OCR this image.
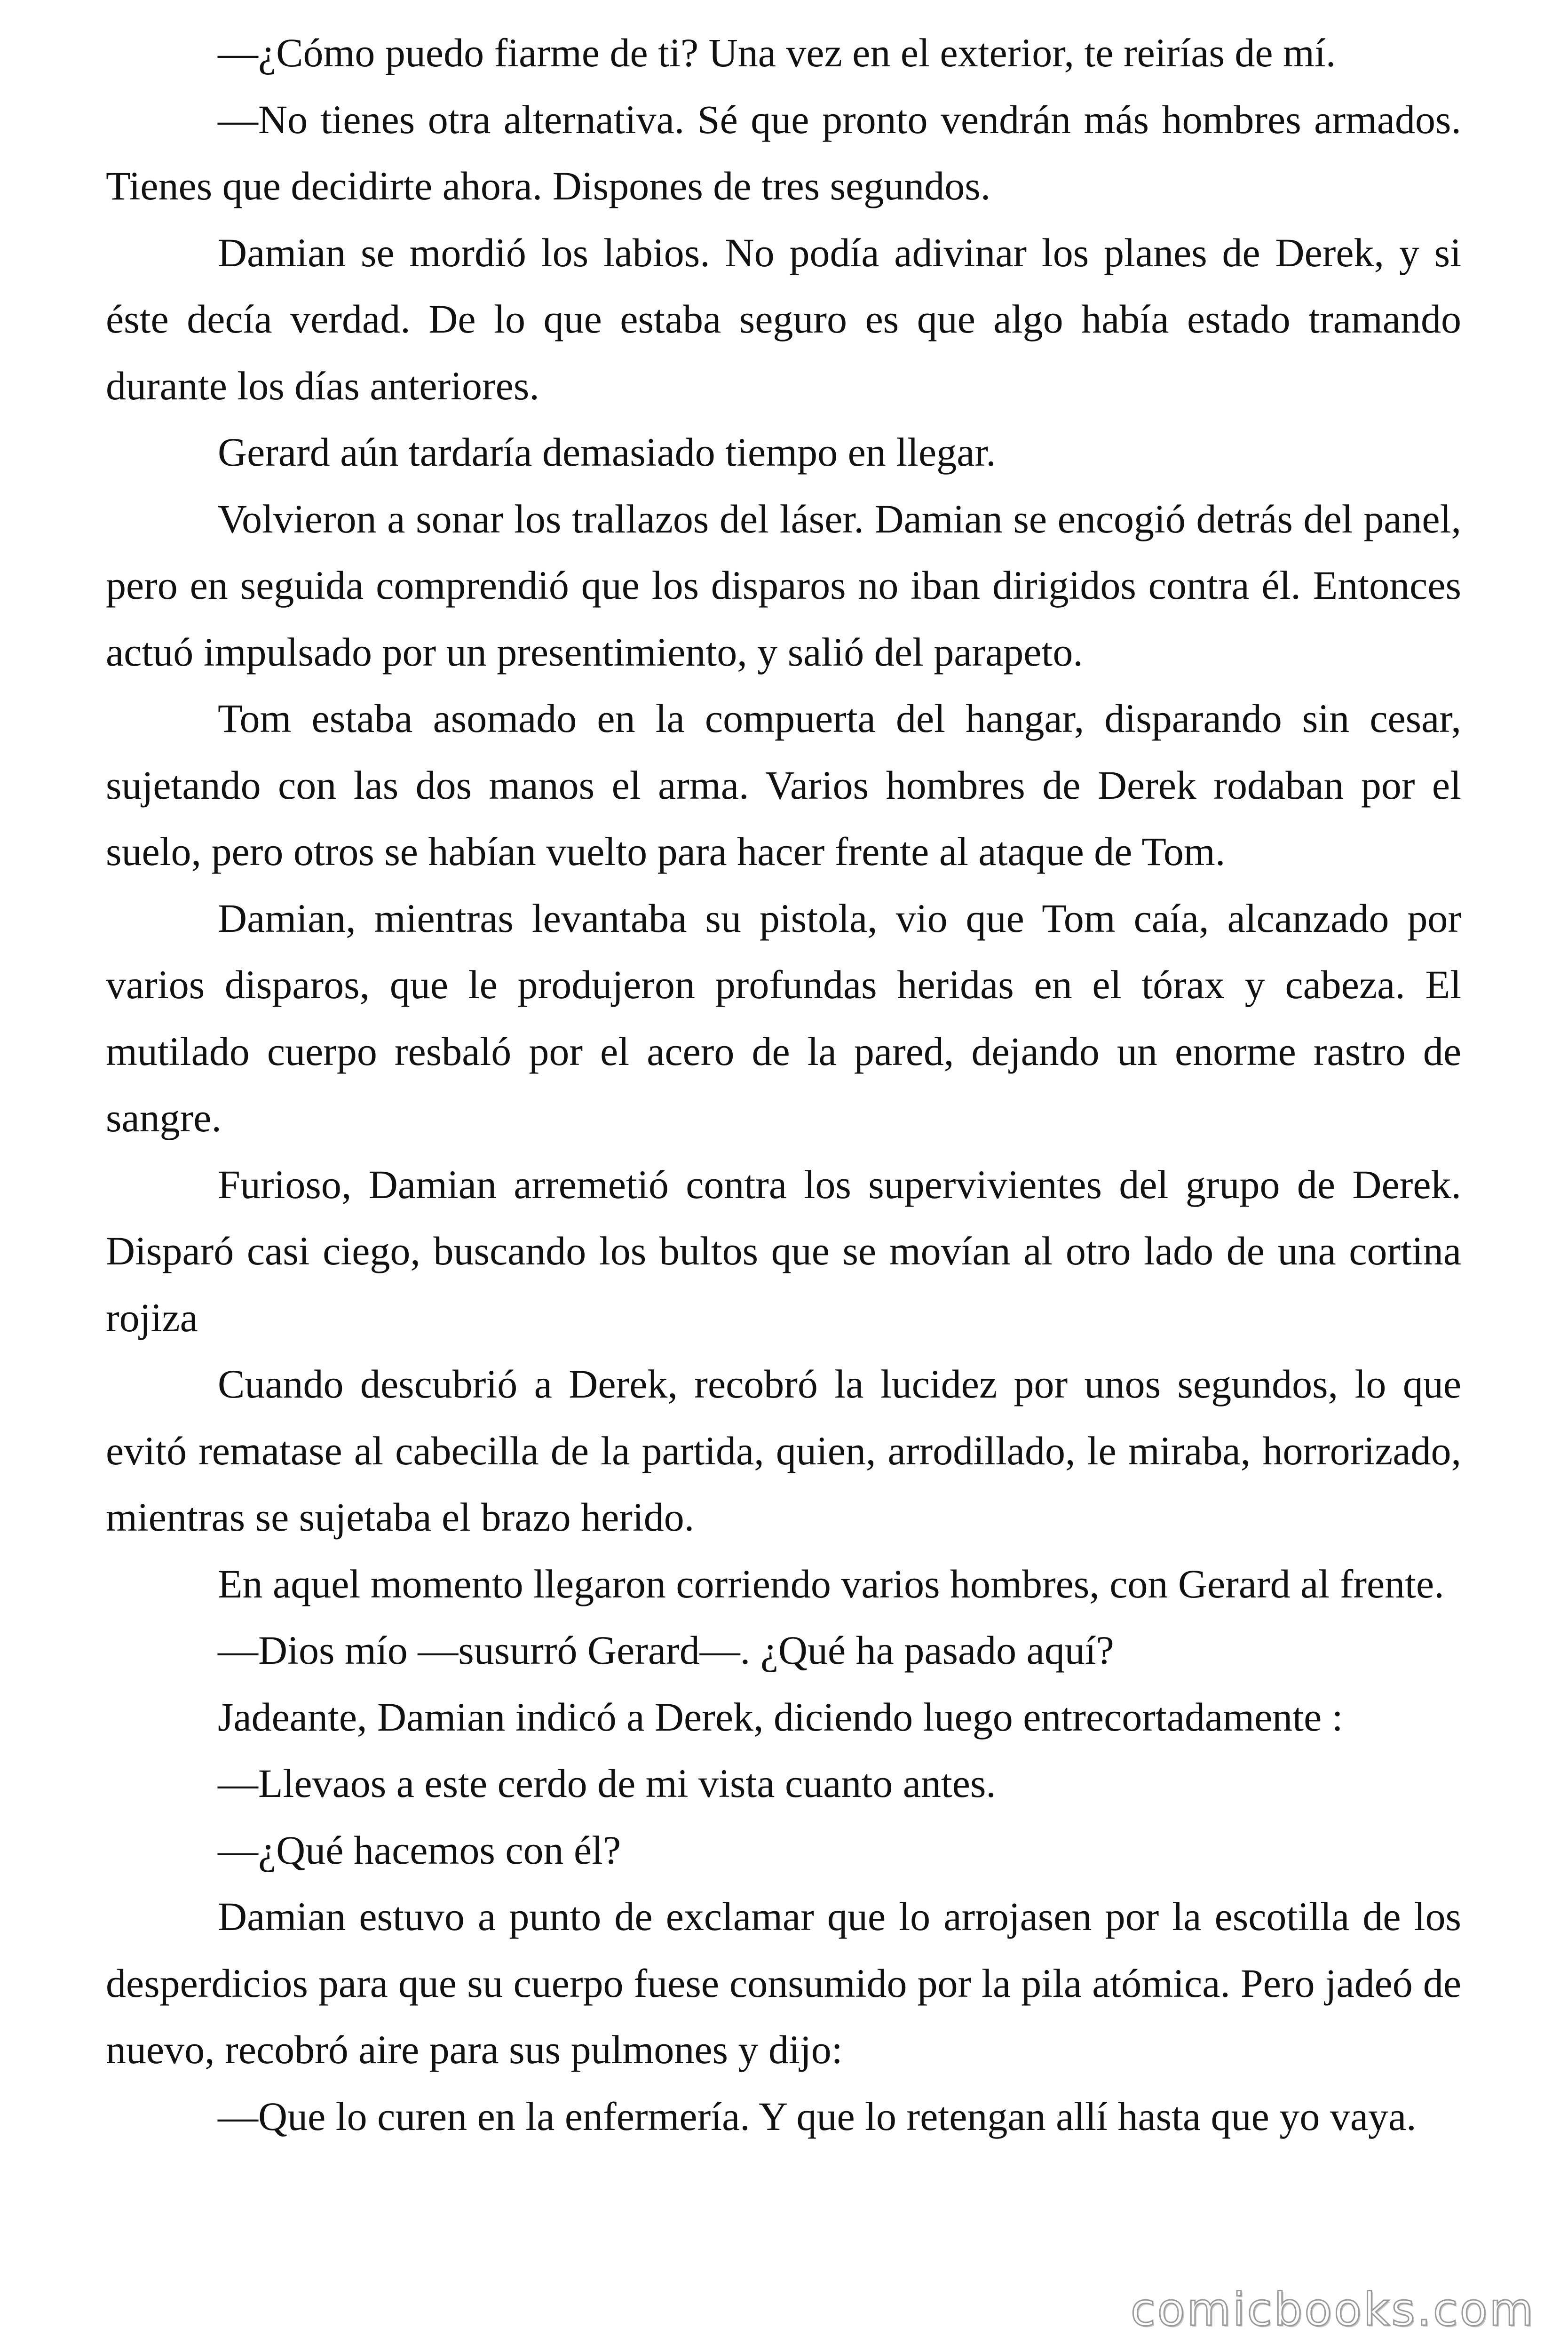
—¿Cómo puedo fiarme de ti? Una vez en el exterior, te reirías de mí.

—No tienes otra alternativa. Sé que pronto vendrán más hombres armados. Tienes que decidirte ahora. Dispones de tres segundos.

Damian se mordió los labios. No podía adivinar los planes de Derek, y si éste decía verdad. De lo que estaba seguro es que algo había estado tramando durante los días anteriores.

Gerard aún tardaría demasiado tiempo en llegar.

Volvieron a sonar los trallazos del láser. Damian se encogió detrás del panel, pero en seguida comprendió que los disparos no iban dirigidos contra él. Entonces actuó impulsado por un presentimiento, y salió del parapeto.

Tom estaba asomado en la compuerta del hangar, disparando sin cesar, sujetando con las dos manos el arma. Varios hombres de Derek rodaban por el suelo, pero otros se habían vuelto para hacer frente al ataque de Tom.

Damian, mientras levantaba su pistola, vio que Tom caía, alcanzado por varios disparos, que le produjeron profundas heridas en el tórax y cabeza. El mutilado cuerpo resbaló por el acero de la pared, dejando un enorme rastro de sangre.

Furioso, Damian arremetió contra los supervivientes del grupo de Derek. Disparó casi ciego, buscando los bultos que se movían al otro lado de una cortina rojiza

Cuando descubrió a Derek, recobró la lucidez por unos segundos, lo que evitó rematase al cabecilla de la partida, quien, arrodillado, le miraba, horrorizado, mientras se sujetaba el brazo herido.

En aquel momento llegaron corriendo varios hombres, con Gerard al frente.

—Dios mío —susurró Gerard—. ¿Qué ha pasado aquí?

Jadeante, Damian indicó a Derek, diciendo luego entrecortadamente :

—Llevaos a este cerdo de mi vista cuanto antes.

—¿Qué hacemos con él?

Damian estuvo a punto de exclamar que lo arrojasen por la escotilla de los desperdicios para que su cuerpo fuese consumido por la pila atómica. Pero jadeó de nuevo, recobró aire para sus pulmones y dijo:

—Que lo curen en la enfermería. Y que lo retengan allí hasta que yo vaya.

comicbooks.com
